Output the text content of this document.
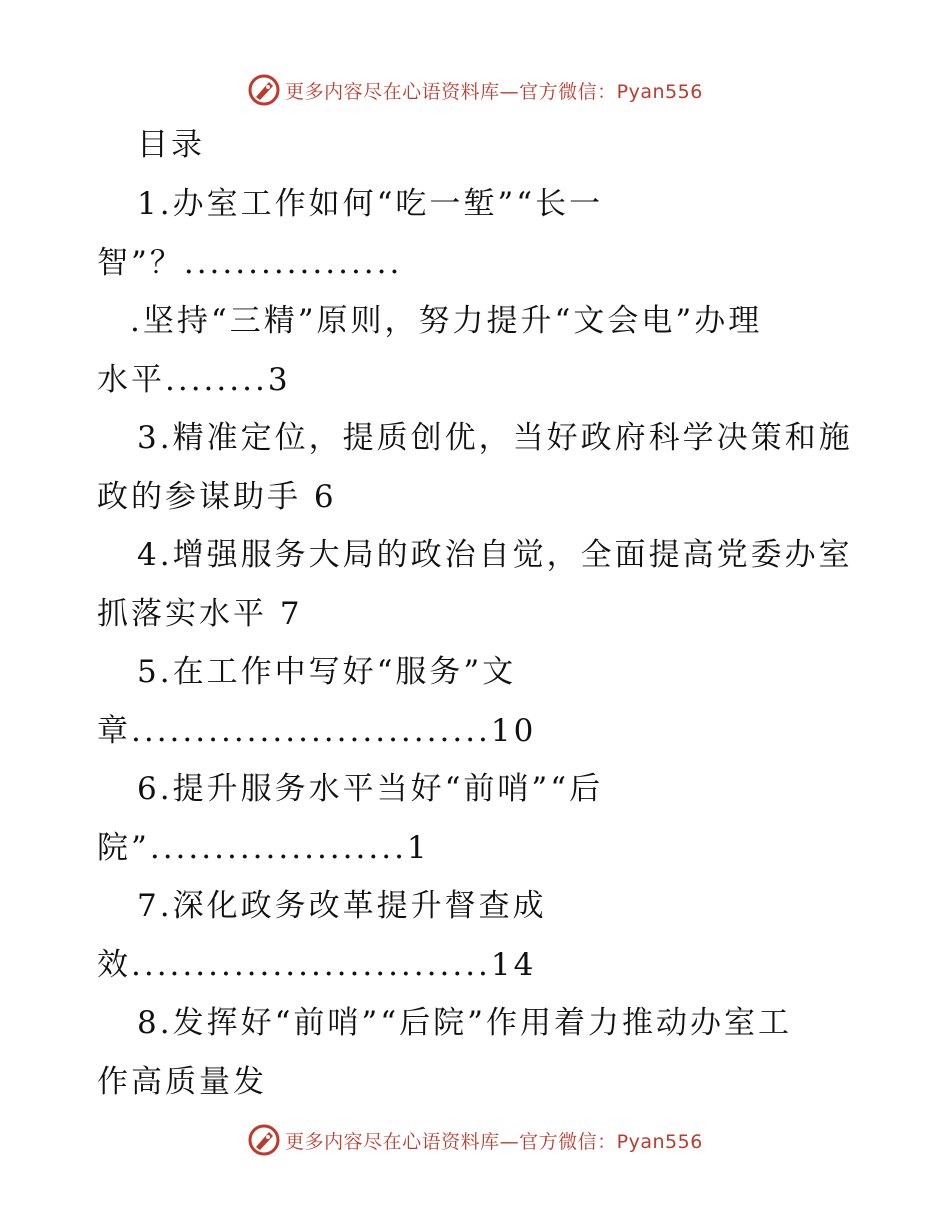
更多内容尽在心语资料库—官方微信：Pyan556
目录
1.办室工作如何“吃一堑”“长一
智”？.................
.坚持“三精”原则，努力提升“文会电”办理
水平........3
3.精准定位，提质创优，当好政府科学决策和施
政的参谋助手 6
4.增强服务大局的政治自觉，全面提高党委办室
抓落实水平 7
5.在工作中写好“服务”文
章............................10
6.提升服务水平当好“前哨”“后
院”....................1
7.深化政务改革提升督查成
效............................14
8.发挥好“前哨”“后院”作用着力推动办室工
作高质量发
更多内容尽在心语资料库—官方微信：Pyan556
